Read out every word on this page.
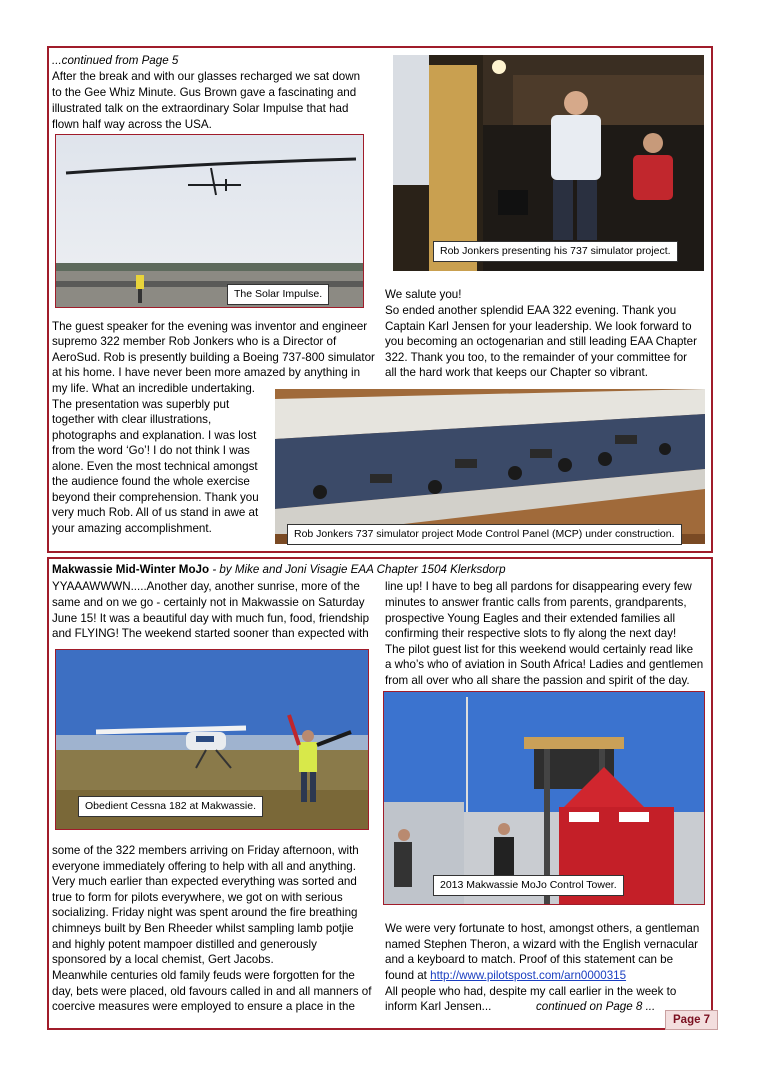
...continued from Page 5
After the break and with our glasses recharged we sat down
to the Gee Whiz Minute. Gus Brown gave a fascinating and
illustrated talk on the extraordinary Solar Impulse that had
flown half way across the USA.
The Solar Impulse.
Rob Jonkers presenting his 737 simulator project.
We salute you!
So ended another splendid EAA 322 evening. Thank you
Captain Karl Jensen for your leadership. We look forward to
you becoming an octogenarian and still leading EAA Chapter
322. Thank you too, to the remainder of your committee for
all the hard work that keeps our Chapter so vibrant.
The guest speaker for the evening was inventor and engineer
supremo 322 member Rob Jonkers who is a Director of
AeroSud. Rob is presently building a Boeing 737-800 simulator
at his home. I have never been more amazed by anything in
my life. What an incredible undertaking.
The presentation was superbly put
together with clear illustrations,
photographs and explanation. I was lost
from the word ‘Go’! I do not think I was
alone. Even the most technical amongst
the audience found the whole exercise
beyond their comprehension. Thank you
very much Rob. All of us stand in awe at
your amazing accomplishment.	Rob Jonkers 737 simulator project Mode Control Panel (MCP) under construction.
Makwassie Mid-Winter MoJo - by Mike and Joni Visagie EAA Chapter 1504 Klerksdorp
YYAAAWWWN.....Another day, another sunrise, more of the
same and on we go - certainly not in Makwassie on Saturday
June 15! It was a beautiful day with much fun, food, friendship
and FLYING! The weekend started sooner than expected with
Obedient Cessna 182 at Makwassie.
some of the 322 members arriving on Friday afternoon, with
everyone immediately offering to help with all and anything.
Very much earlier than expected everything was sorted and
true to form for pilots everywhere, we got on with serious
socializing. Friday night was spent around the fire breathing
chimneys built by Ben Rheeder whilst sampling lamb potjie
and highly potent mampoer distilled and generously
sponsored by a local chemist, Gert Jacobs.
Meanwhile centuries old family feuds were forgotten for the
day, bets were placed, old favours called in and all manners of
coercive measures were employed to ensure a place in the
line up! I have to beg all pardons for disappearing every few
minutes to answer frantic calls from parents, grandparents,
prospective Young Eagles and their extended families all
confirming their respective slots to fly along the next day!
The pilot guest list for this weekend would certainly read like
a who’s who of aviation in South Africa! Ladies and gentlemen
from all over who all share the passion and spirit of the day.
2013 Makwassie MoJo Control Tower.
We were very fortunate to host, amongst others, a gentleman
named Stephen Theron, a wizard with the English vernacular
and a keyboard to match. Proof of this statement can be
found at http://www.pilotspost.com/arn0000315
All people who had, despite my call earlier in the week to
inform Karl Jensen...	continued on Page 8 ...
Page 7
